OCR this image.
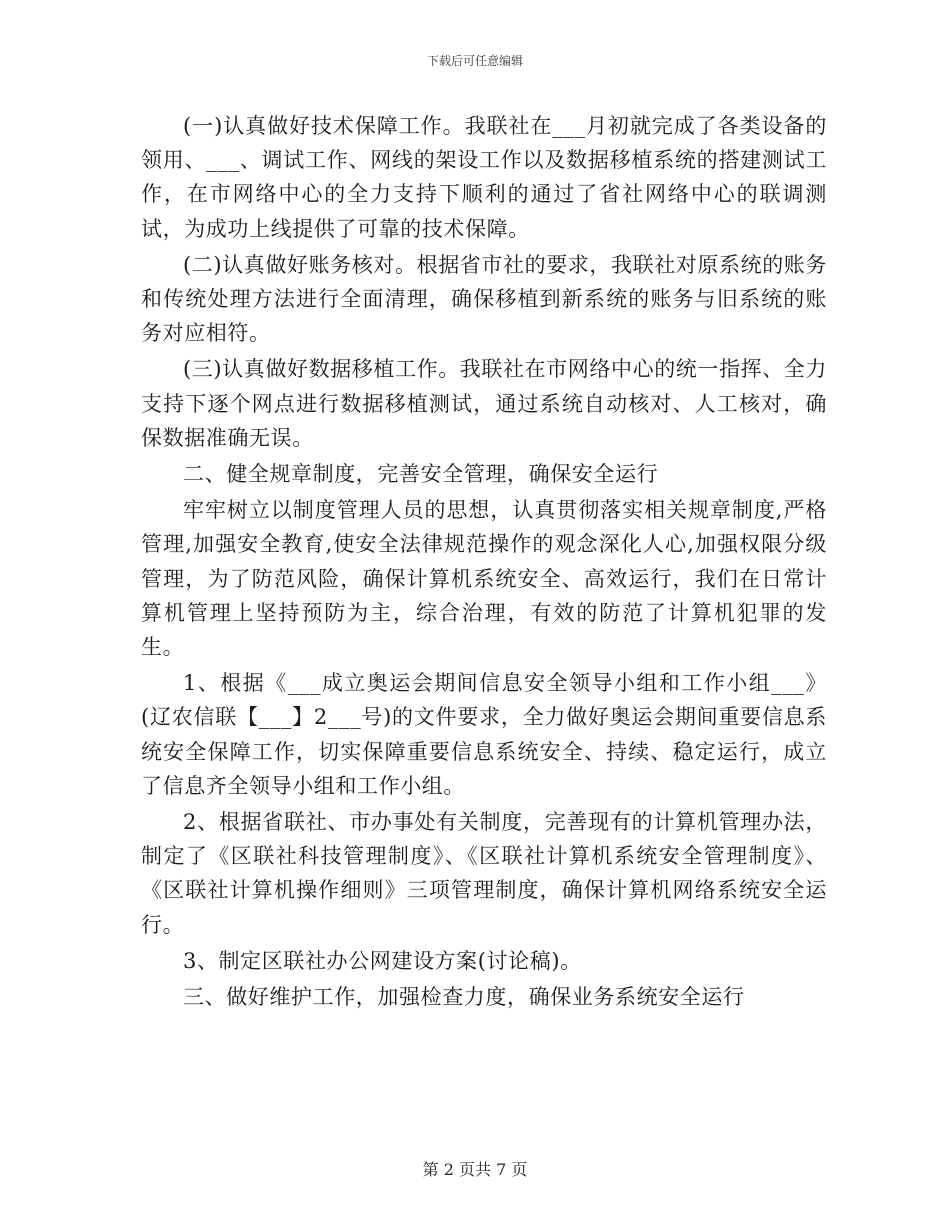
下载后可任意编辑

(一)认真做好技术保障工作。我联社在___月初就完成了各类设备的领用、___、调试工作、网线的架设工作以及数据移植系统的搭建测试工作，在市网络中心的全力支持下顺利的通过了省社网络中心的联调测试，为成功上线提供了可靠的技术保障。

(二)认真做好账务核对。根据省市社的要求，我联社对原系统的账务和传统处理方法进行全面清理，确保移植到新系统的账务与旧系统的账务对应相符。

(三)认真做好数据移植工作。我联社在市网络中心的统一指挥、全力支持下逐个网点进行数据移植测试，通过系统自动核对、人工核对，确保数据准确无误。

二、健全规章制度，完善安全管理，确保安全运行

牢牢树立以制度管理人员的思想，认真贯彻落实相关规章制度,严格管理,加强安全教育,使安全法律规范操作的观念深化人心,加强权限分级管理，为了防范风险，确保计算机系统安全、高效运行，我们在日常计算机管理上坚持预防为主，综合治理，有效的防范了计算机犯罪的发生。

1、根据《___成立奥运会期间信息安全领导小组和工作小组___》(辽农信联【___】2___号)的文件要求，全力做好奥运会期间重要信息系统安全保障工作，切实保障重要信息系统安全、持续、稳定运行，成立了信息齐全领导小组和工作小组。

2、根据省联社、市办事处有关制度，完善现有的计算机管理办法，制定了《区联社科技管理制度》、《区联社计算机系统安全管理制度》、《区联社计算机操作细则》三项管理制度，确保计算机网络系统安全运行。

3、制定区联社办公网建设方案(讨论稿)。

三、做好维护工作，加强检查力度，确保业务系统安全运行

第 2 页共 7 页
